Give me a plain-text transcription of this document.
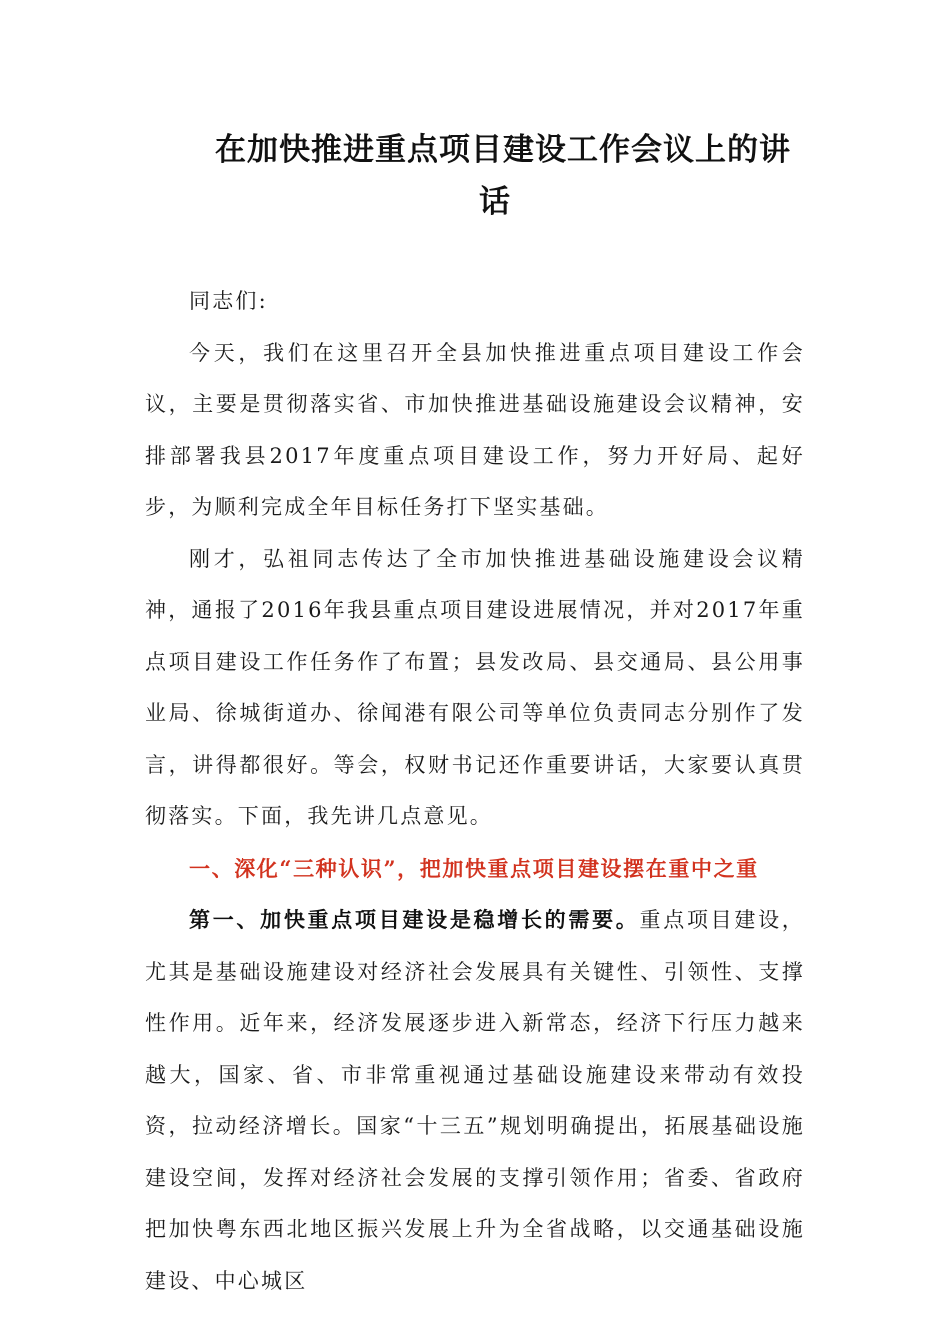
在加快推进重点项目建设工作会议上的讲
话

同志们:

今天，我们在这里召开全县加快推进重点项目建设工作会议，主要是贯彻落实省、市加快推进基础设施建设会议精神，安排部署我县2017年度重点项目建设工作，努力开好局、起好步，为顺利完成全年目标任务打下坚实基础。

刚才，弘祖同志传达了全市加快推进基础设施建设会议精神，通报了2016年我县重点项目建设进展情况，并对2017年重点项目建设工作任务作了布置；县发改局、县交通局、县公用事业局、徐城街道办、徐闻港有限公司等单位负责同志分别作了发言，讲得都很好。等会，权财书记还作重要讲话，大家要认真贯彻落实。下面，我先讲几点意见。

一、深化“三种认识”，把加快重点项目建设摆在重中之重

第一、加快重点项目建设是稳增长的需要。重点项目建设，尤其是基础设施建设对经济社会发展具有关键性、引领性、支撑性作用。近年来，经济发展逐步进入新常态，经济下行压力越来越大，国家、省、市非常重视通过基础设施建设来带动有效投资，拉动经济增长。国家“十三五”规划明确提出，拓展基础设施建设空间，发挥对经济社会发展的支撑引领作用；省委、省政府把加快粤东西北地区振兴发展上升为全省战略，以交通基础设施建设、中心城区
